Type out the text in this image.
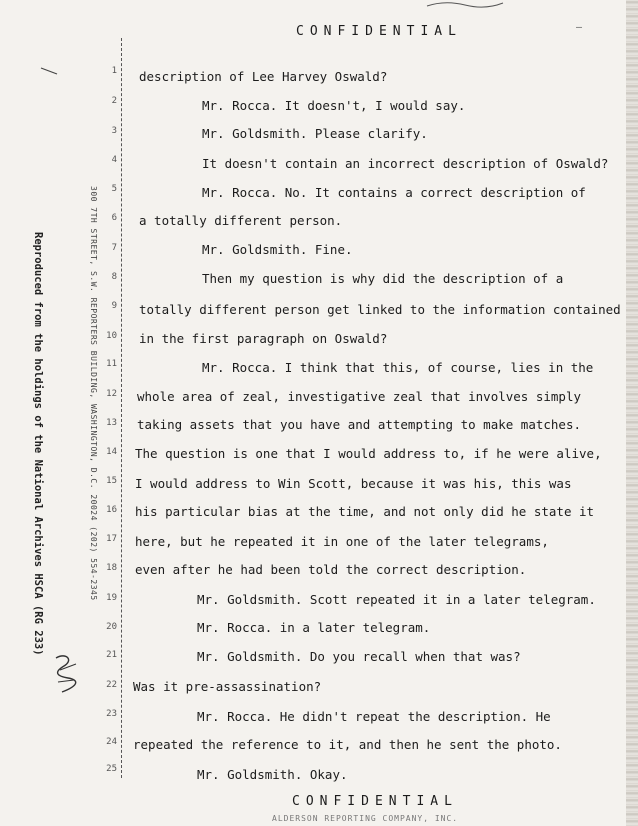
—
CONFIDENTIAL
Reproduced from the holdings of the National Archives HSCA (RG 233)	300 7TH STREET, S.W. REPORTERS BUILDING, WASHINGTON, D.C. 20024 (202) 554-2345
1
2
3
4
5
6
7
8
9
10
11
12
13
14
15
16
17
18
19
20
21
22
23
24
25
description of Lee Harvey Oswald?
Mr. Rocca. It doesn't, I would say.
Mr. Goldsmith. Please clarify.
It doesn't contain an incorrect description of Oswald?
Mr. Rocca. No. It contains a correct description of
a totally different person.
Mr. Goldsmith. Fine.
Then my question is why did the description of a
totally different person get linked to the information contained
in the first paragraph on Oswald?
Mr. Rocca. I think that this, of course, lies in the
whole area of zeal, investigative zeal that involves simply
taking assets that you have and attempting to make matches.
The question is one that I would address to, if he were alive,
I would address to Win Scott, because it was his, this was
his particular bias at the time, and not only did he state it
here, but he repeated it in one of the later telegrams,
even after he had been told the correct description.
Mr. Goldsmith. Scott repeated it in a later telegram.
Mr. Rocca. in a later telegram.
Mr. Goldsmith. Do you recall when that was?
Was it pre-assassination?
Mr. Rocca. He didn't repeat the description. He
repeated the reference to it, and then he sent the photo.
Mr. Goldsmith. Okay.
CONFIDENTIAL
ALDERSON REPORTING COMPANY, INC.
